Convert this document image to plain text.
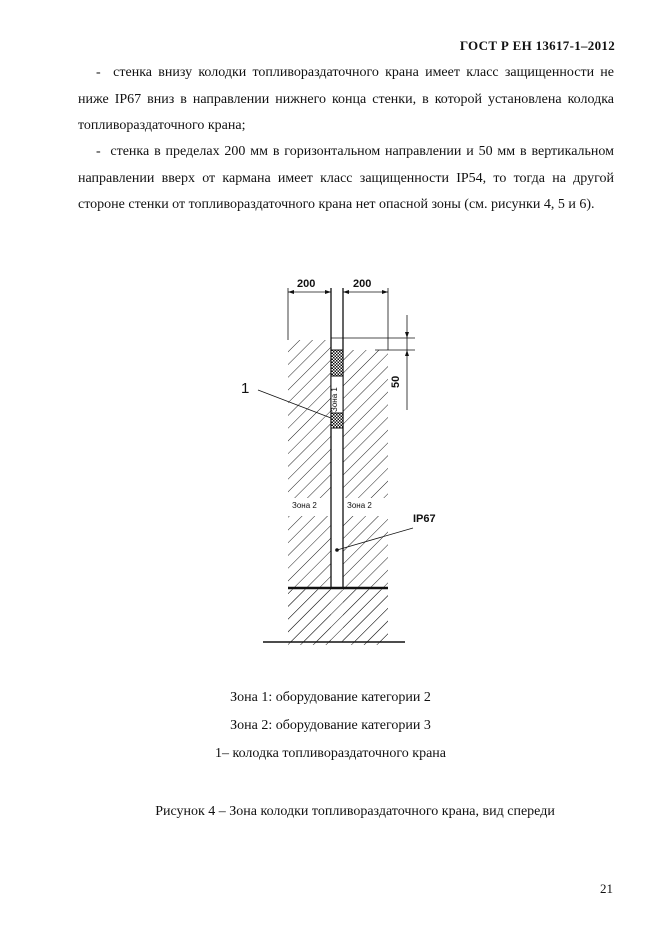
ГОСТ Р ЕН 13617-1–2012

- стенка внизу колодки топливораздаточного крана имеет класс защищенности не ниже IP67 вниз в направлении нижнего конца стенки, в которой установлена колодка топливораздаточного крана;

- стенка в пределах 200 мм в горизонтальном направлении и 50 мм в вертикальном направлении вверх от кармана имеет класс защищенности IP54, то тогда на другой стороне стенки от топливораздаточного крана нет опасной зоны (см. рисунки 4, 5 и 6).

200	200
50
1	Зона 1
Зона 2	Зона 2
IP67

Зона 1: оборудование категории 2

Зона 2: оборудование категории 3

1– колодка топливораздаточного крана

Рисунок 4 – Зона колодки топливораздаточного крана, вид спереди

21
